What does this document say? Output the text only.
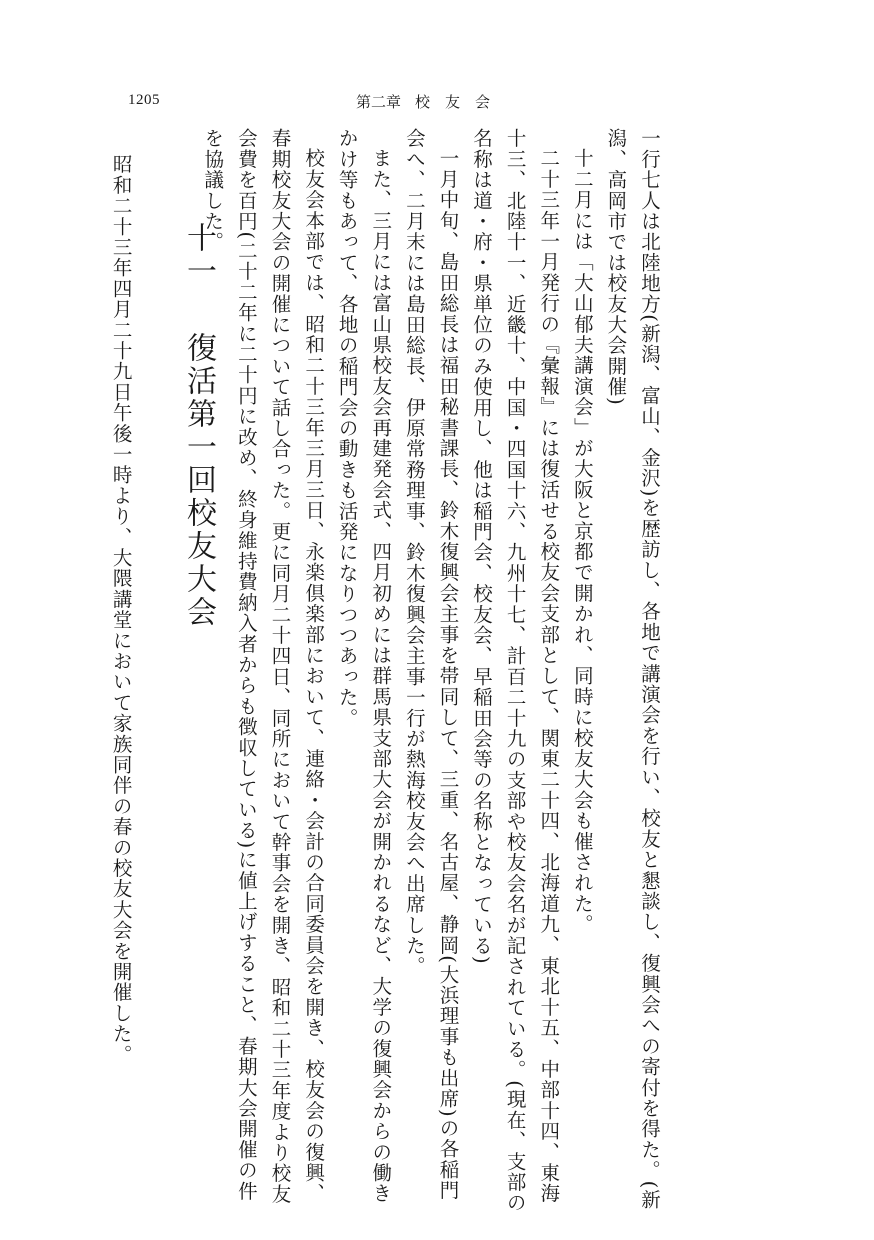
1205	第二章 校　友　会

一行七人は北陸地方(新潟、富山、金沢)を歴訪し、各地で講演会を行い、校友と懇談し、復興会への寄付を得た。(新潟、高岡市では校友大会開催)

十二月には「大山郁夫講演会」が大阪と京都で開かれ、同時に校友大会も催された。

二十三年一月発行の『彙報』には復活せる校友会支部として、関東二十四、北海道九、東北十五、中部十四、東海十三、北陸十一、近畿十、中国・四国十六、九州十七、計百二十九の支部や校友会名が記されている。(現在、支部の名称は道・府・県単位のみ使用し、他は稲門会、校友会、早稲田会等の名称となっている)

一月中旬、島田総長は福田秘書課長、鈴木復興会主事を帯同して、三重、名古屋、静岡(大浜理事も出席)の各稲門会へ、二月末には島田総長、伊原常務理事、鈴木復興会主事一行が熱海校友会へ出席した。

また、三月には富山県校友会再建発会式、四月初めには群馬県支部大会が開かれるなど、大学の復興会からの働きかけ等もあって、各地の稲門会の動きも活発になりつつあった。

校友会本部では、昭和二十三年三月三日、永楽倶楽部において、連絡・会計の合同委員会を開き、校友会の復興、春期校友大会の開催について話し合った。更に同月二十四日、同所において幹事会を開き、昭和二十三年度より校友会費を百円(二十二年に二十円に改め、終身維持費納入者からも徴収している)に値上げすること、春期大会開催の件を協議した。

十一復活第一回校友大会

昭和二十三年四月二十九日午後一時より、大隈講堂において家族同伴の春の校友大会を開催した。
